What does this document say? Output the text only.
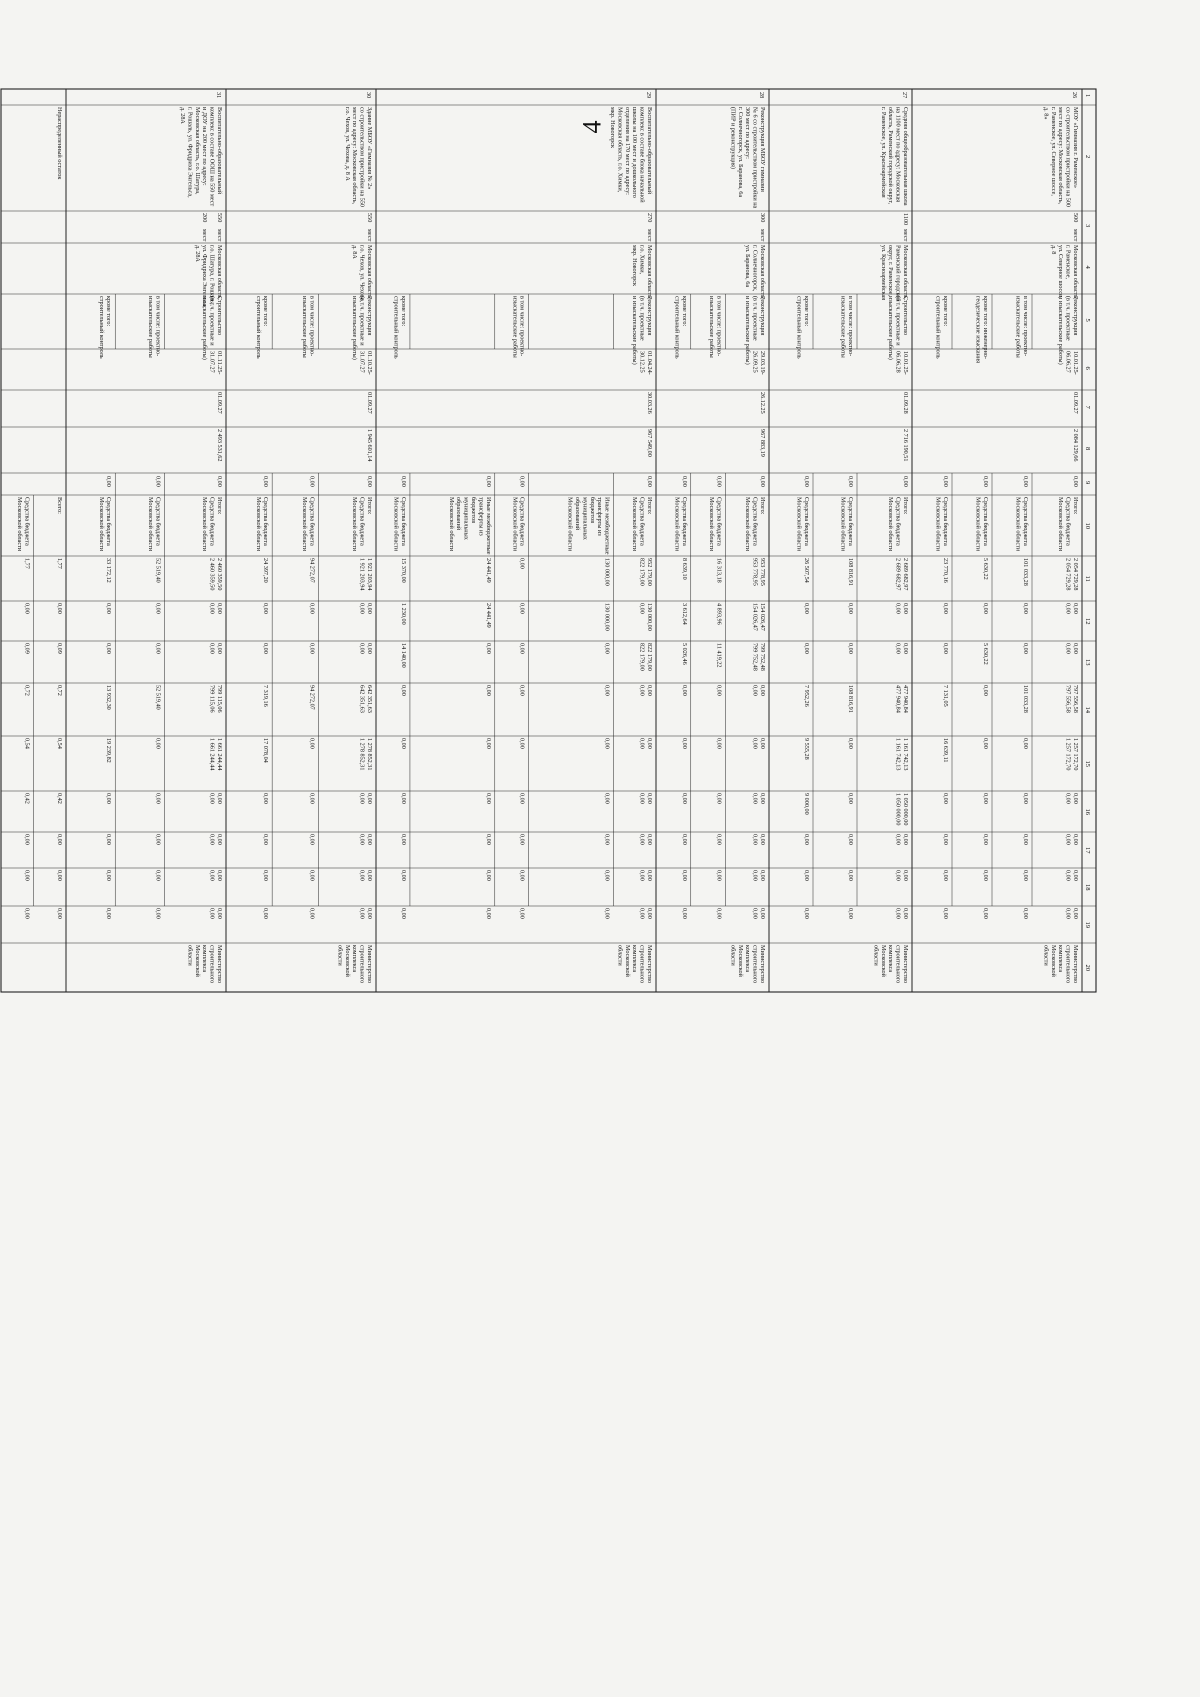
4
1
2
3
4
5
6
7
8
9
10
11
12
13
14
15
16
17
18
19
20
26
МОУ «Гимназия г. Раменское»
со строительством пристройки на 500
мест по адресу: Московская область,
г. Раменское, ул. Северное шоссе,
д. 8»
500
мест
Московская область,
г. Раменское,
ул. Северное шоссе,
д. 8
10.01.25-
06.06.27
01.09.27
2 084 129,66
Министерство
строительного
комплекса
Московской
области
Реконструкция
(в т.ч. проектные
и изыскательские работы)
0,00
Итого:
Средства бюджета
Московской области
2 054 729,28
2 054 729,28
0,00
0,00
0,00
0,00
797 556,58
797 556,58
1 257 172,70
1 257 172,70
0,00
0,00
0,00
0,00
0,00
0,00
0,00
0,00
в том числе: проектно-
изыскательские работы
0,00
Средства бюджета
Московской области
101 033,28
0,00
0,00
101 033,28
0,00
0,00
0,00
0,00
0,00
кроме того: инженерно-
геодезические изыскания
0,00
Средства бюджета
Московской области
5 630,22
0,00
5 630,22
0,00
0,00
0,00
0,00
0,00
0,00
кроме того:
строительный контроль
0,00
Средства бюджета
Московской области
23 770,16
0,00
0,00
7 131,05
16 639,11
0,00
0,00
0,00
0,00
27
Средняя общеобразовательная школа
на 1100 мест по адресу: Московская
область, Раменский городской округ,
г. Раменское, ул. Красноармейская
1100
мест
Московская область,
Раменский городской
округ, г. Раменское,
ул. Красноармейская
10.01.25-
06.06.28
01.09.28
2 716 190,51
Министерство
строительного
комплекса
Московской
области
Строительство
(в т.ч. проектные и
изыскательские работы)
0,00
Итого:
Средства бюджета
Московской области
2 689 682,97
2 689 682,97
0,00
0,00
0,00
0,00
477 940,84
477 940,84
1 161 742,13
1 161 742,13
1 050 000,00
1 050 000,00
0,00
0,00
0,00
0,00
0,00
0,00
в том числе: проектно-
изыскательские работы
0,00
Средства бюджета
Московской области
108 816,91
0,00
0,00
108 816,91
0,00
0,00
0,00
0,00
0,00
кроме того:
строительный контроль
0,00
Средства бюджета
Московской области
26 507,54
0,00
0,00
7 952,26
9 555,28
9 000,00
0,00
0,00
0,00
28
Реконструкция МБОУ гимназии
№ 6 со строительством пристройки на
300 мест по адресу:
г. Солнечногорск, ул. Баранова, 6а
(ПИР и реконструкция)
300
мест
Московская область,
г. Солнечногорск,
ул. Баранова, 6а
29.03.19-
26.09.25
26.12.25
967 883,19
Министерство
строительного
комплекса
Московской
области
Реконструкция
(в т.ч. проектные
и изыскательские работы)
0,00
Итого:
Средства бюджета
Московской области
953 778,95
953 778,95
154 026,47
154 026,47
799 752,48
799 752,48
0,00
0,00
0,00
0,00
0,00
0,00
0,00
0,00
0,00
0,00
0,00
0,00
в том числе: проектно-
изыскательские работы
0,00
Средства бюджета
Московской области
16 313,18
4 893,96
11 419,22
0,00
0,00
0,00
0,00
0,00
0,00
кроме того:
строительный контроль
0,00
Средства бюджета
Московской области
8 639,10
3 612,64
5 026,46
0,00
0,00
0,00
0,00
0,00
0,00
29
Воспитательно-образовательный
комплекс в составе блока начальной
школы на 100 мест и дошкольного
отделения на 170 мест по адресу:
Московская область, г.о. Химки,
мкр. Новогорск
270
мест
Московская область,
г.о. Химки,
мкр. Новогорск
01.04.24-
30.12.25
30.03.26
967 549,00
Министерство
строительного
комплекса
Московской
области
Реконструкция
(в т.ч. проектные
и изыскательские работы)
0,00
Итого:
Средства бюджета
Московской области
952 179,00
822 179,00
130 000,00
0,00
822 179,00
822 179,00
0,00
0,00
0,00
0,00
0,00
0,00
0,00
0,00
0,00
0,00
0,00
0,00
Иные межбюджетные
трансферты из
бюджетов
муниципальных
образований
Московской области
130 000,00
130 000,00
0,00
0,00
0,00
0,00
0,00
0,00
0,00
в том числе: проектно-
изыскательские работы
0,00
Средства бюджета
Московской области
0,00
0,00
0,00
0,00
0,00
0,00
0,00
0,00
0,00
0,00
Иные межбюджетные
трансферты из
бюджетов
муниципальных
образований
Московской области
24 441,49
24 441,49
0,00
0,00
0,00
0,00
0,00
0,00
0,00
кроме того:
строительный контроль
0,00
Средства бюджета
Московской области
15 370,00
1 230,00
14 140,00
0,00
0,00
0,00
0,00
0,00
0,00
30
Здание МБОУ «Гимназия № 2»
со строительством пристройки на 550
мест по адресу: Московская область,
г.о. Чехов, ул. Чехова, д. 8 А
550
мест
Московская область,
г.о. Чехов, ул. Чехова,
д. 8А
01.10.25-
31.07.27
01.09.27
1 945 601,14
Министерство
строительного
комплекса
Московской
области
Реконструкция
(в т.ч. проектные и
изыскательские работы)
0,00
Итого:
Средства бюджета
Московской области
1 921 203,94
1 921 203,94
0,00
0,00
0,00
0,00
642 351,63
642 351,63
1 278 852,31
1 278 852,31
0,00
0,00
0,00
0,00
0,00
0,00
0,00
0,00
в том числе: проектно-
изыскательские работы
0,00
Средства бюджета
Московской области
94 272,07
0,00
0,00
94 272,07
0,00
0,00
0,00
0,00
0,00
кроме того:
строительный контроль
0,00
Средства бюджета
Московской области
24 397,20
0,00
0,00
7 319,16
17 078,04
0,00
0,00
0,00
0,00
31
Воспитательно-образовательный
комплекс в составе ООШ на 550 мест
и ДОУ на 200 мест по адресу:
Московская область, г.о. Шатура,
г. Рошаль, ул. Фридриха Энгельса,
д. 28А
550
мест
200
мест
Московская область,
г.о. Шатура, г. Рошаль,
ул. Фридриха Энгельса,
д. 28А
01.11.25-
31.07.27
01.09.27
2 493 531,62
Министерство
строительного
комплекса
Московской
области
Строительство
(в т.ч. проектные и
изыскательские работы)
0,00
Итого:
Средства бюджета
Московской области
2 460 359,50
2 460 359,50
0,00
0,00
0,00
0,00
799 115,06
799 115,06
1 661 244,44
1 661 244,44
0,00
0,00
0,00
0,00
0,00
0,00
0,00
0,00
в том числе: проектно-
изыскательские работы
0,00
Средства бюджета
Московской области
52 519,40
0,00
0,00
52 519,40
0,00
0,00
0,00
0,00
0,00
кроме того:
строительный контроль
0,00
Средства бюджета
Московской области
33 172,12
0,00
0,00
13 932,30
19 239,82
0,00
0,00
0,00
0,00
Нераспределенный остаток
Всего:
1,77
0,00
0,09
0,72
0,54
0,42
0,00
0,00
0,00
Средства бюджета
Московской области
1,77
0,00
0,09
0,72
0,54
0,42
0,00
0,00
0,00
